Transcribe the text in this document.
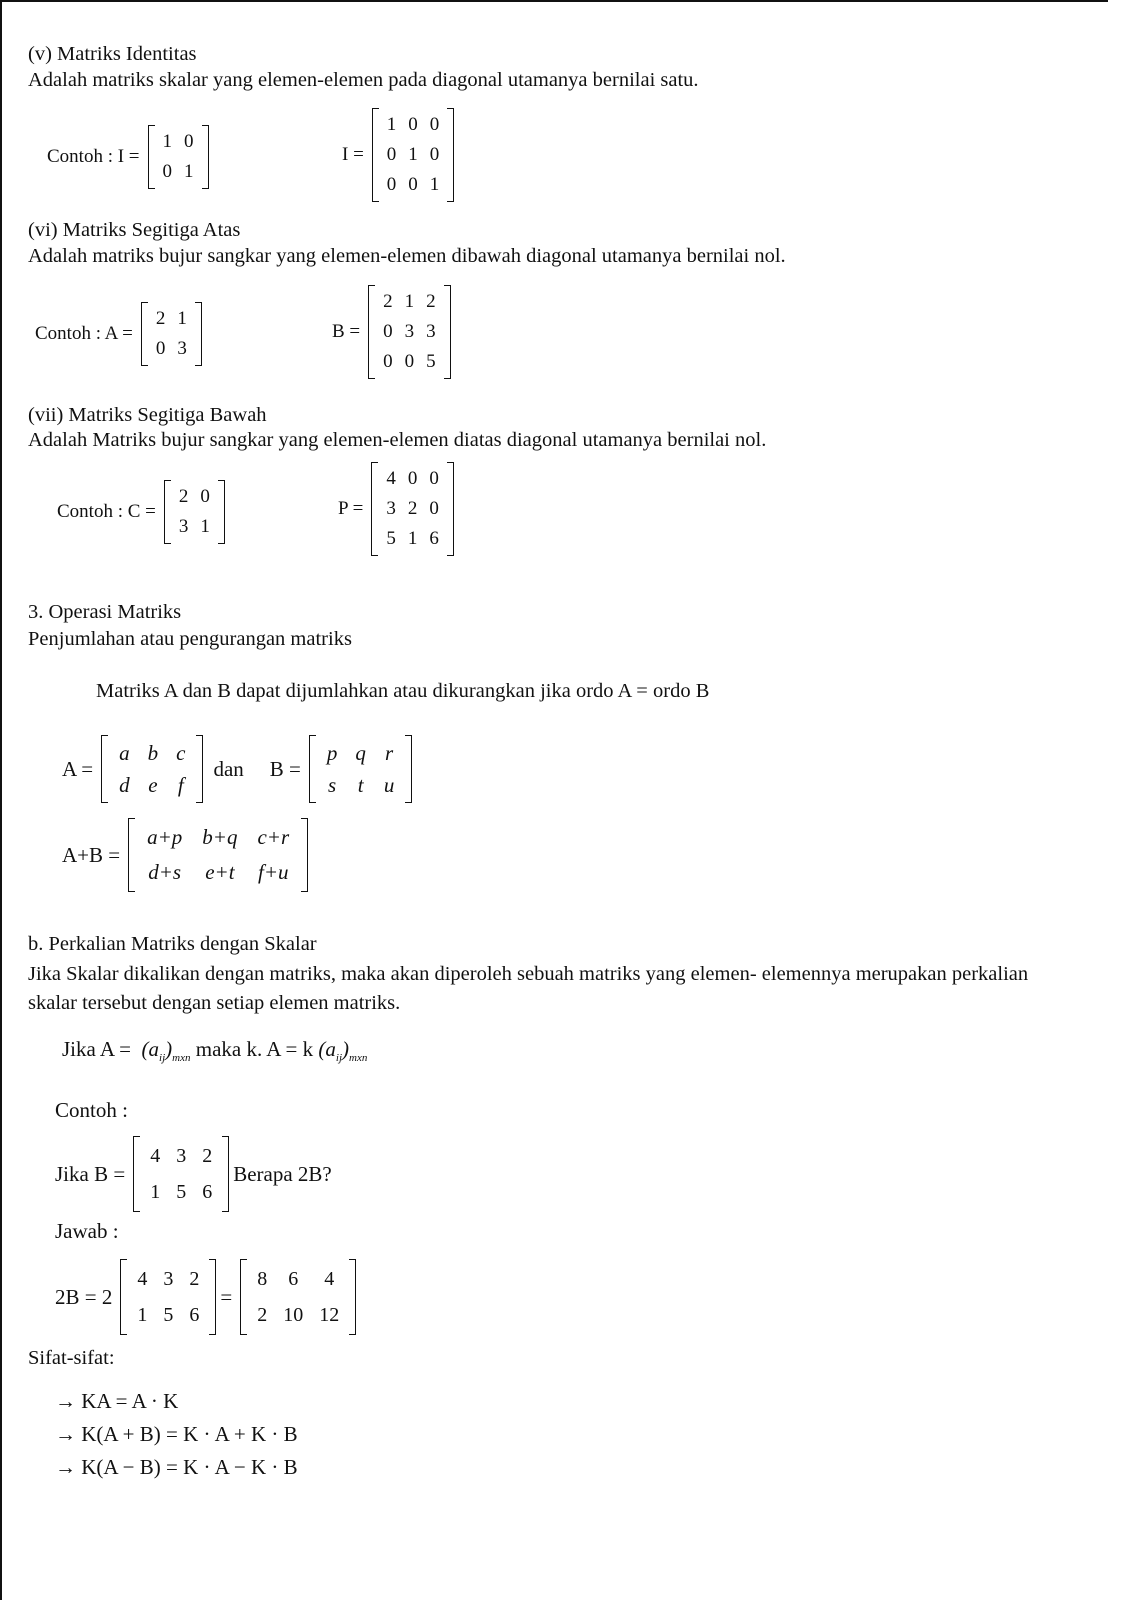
(v) Matriks Identitas
Adalah matriks skalar yang elemen-elemen pada diagonal utamanya bernilai satu.
Contoh : I =
1 0
0 1
I =
1 0 0
0 1 0
0 0 1
(vi) Matriks Segitiga Atas
Adalah matriks bujur sangkar yang elemen-elemen dibawah diagonal utamanya bernilai nol.
Contoh : A =
2 1
0 3
B =
2 1 2
0 3 3
0 0 5
(vii) Matriks Segitiga Bawah
Adalah Matriks bujur sangkar yang elemen-elemen diatas diagonal utamanya bernilai nol.
Contoh : C =
2 0
3 1
P =
4 0 0
3 2 0
5 1 6
3. Operasi Matriks
Penjumlahan atau pengurangan matriks
Matriks A dan B dapat dijumlahkan atau dikurangkan jika ordo A = ordo B
A =
a b c
d e f
dan B =
p q r
s	t u
A+B =
a+p b+q c+r
d+s	e+t	f+u
b. Perkalian Matriks dengan Skalar
Jika Skalar dikalikan dengan matriks, maka akan diperoleh sebuah matriks yang elemen- elemennya merupakan perkalian
skalar tersebut dengan setiap elemen matriks.
Jika $A = (a_{ij})_{mxn}$ maka k. A = k $(a_{ij})_{mxn}$
Contoh :
Jika B =
4 3 2
1 5 6
Berapa 2B?
Jawab :
2B = 2
4 3 2
1 5 6
=
8	6	4
2 10 12
Sifat-sifat:
→ KA = A · K
→ K(A + B) = K · A + K · B
→ K(A − B) = K · A − K · B
